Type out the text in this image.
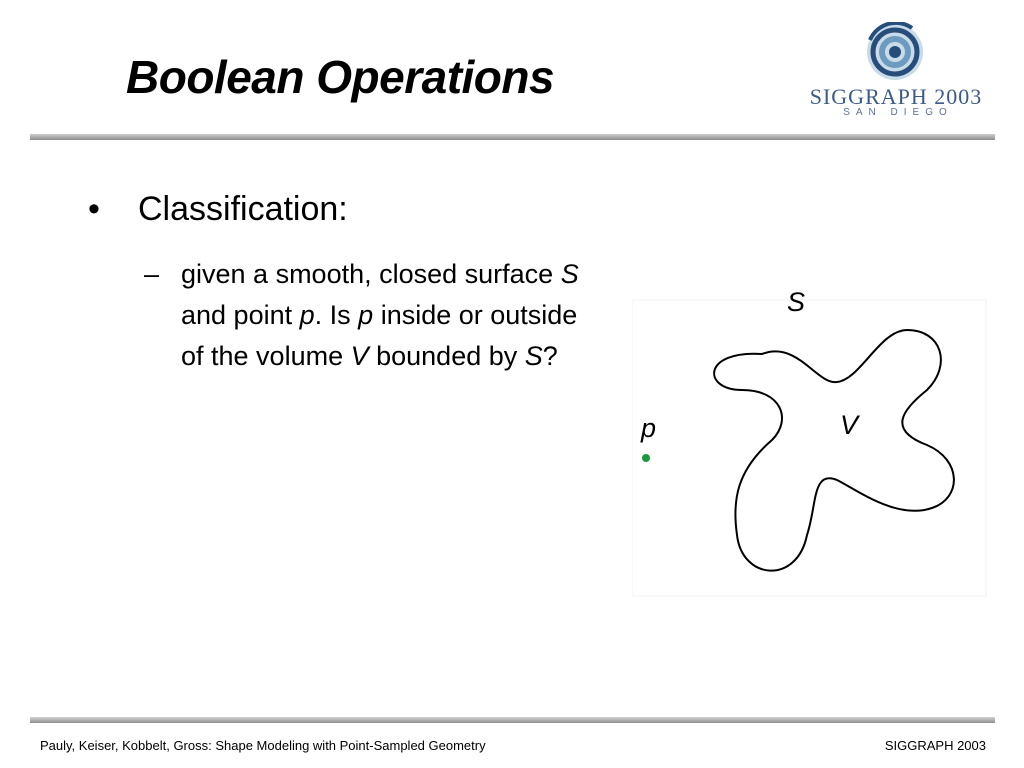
Boolean Operations	SIGGRAPH 2003
SAN DIEGO
• Classification:
– given a smooth, closed surface S and point p. Is p inside or outside of the volume V bounded by S?
S
V
p
Pauly, Keiser, Kobbelt, Gross: Shape Modeling with Point-Sampled Geometry	SIGGRAPH 2003
